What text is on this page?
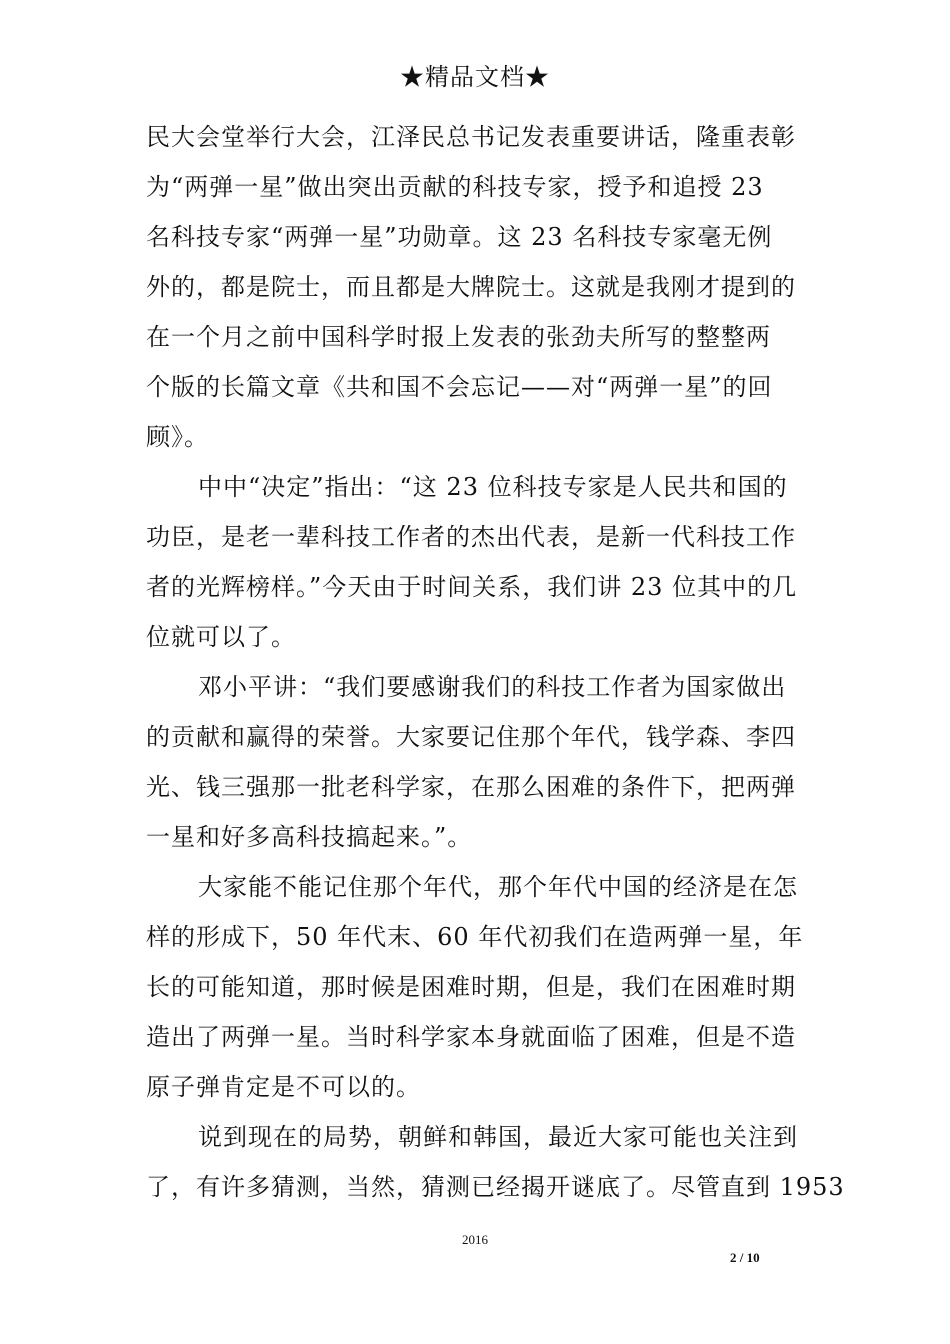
★精品文档★

民大会堂举行大会，江泽民总书记发表重要讲话，隆重表彰
为“两弹一星”做出突出贡献的科技专家，授予和追授 23
名科技专家“两弹一星”功勋章。这 23 名科技专家毫无例
外的，都是院士，而且都是大牌院士。这就是我刚才提到的
在一个月之前中国科学时报上发表的张劲夫所写的整整两
个版的长篇文章《共和国不会忘记——对“两弹一星”的回
顾》。

中中“决定”指出：“这 23 位科技专家是人民共和国的
功臣，是老一辈科技工作者的杰出代表，是新一代科技工作
者的光辉榜样。”今天由于时间关系，我们讲 23 位其中的几
位就可以了。

邓小平讲：“我们要感谢我们的科技工作者为国家做出
的贡献和赢得的荣誉。大家要记住那个年代，钱学森、李四
光、钱三强那一批老科学家，在那么困难的条件下，把两弹
一星和好多高科技搞起来。”。

大家能不能记住那个年代，那个年代中国的经济是在怎
样的形成下，50 年代末、60 年代初我们在造两弹一星，年
长的可能知道，那时候是困难时期，但是，我们在困难时期
造出了两弹一星。当时科学家本身就面临了困难，但是不造
原子弹肯定是不可以的。

说到现在的局势，朝鲜和韩国，最近大家可能也关注到
了，有许多猜测，当然，猜测已经揭开谜底了。尽管直到 1953

2016
2 / 10
